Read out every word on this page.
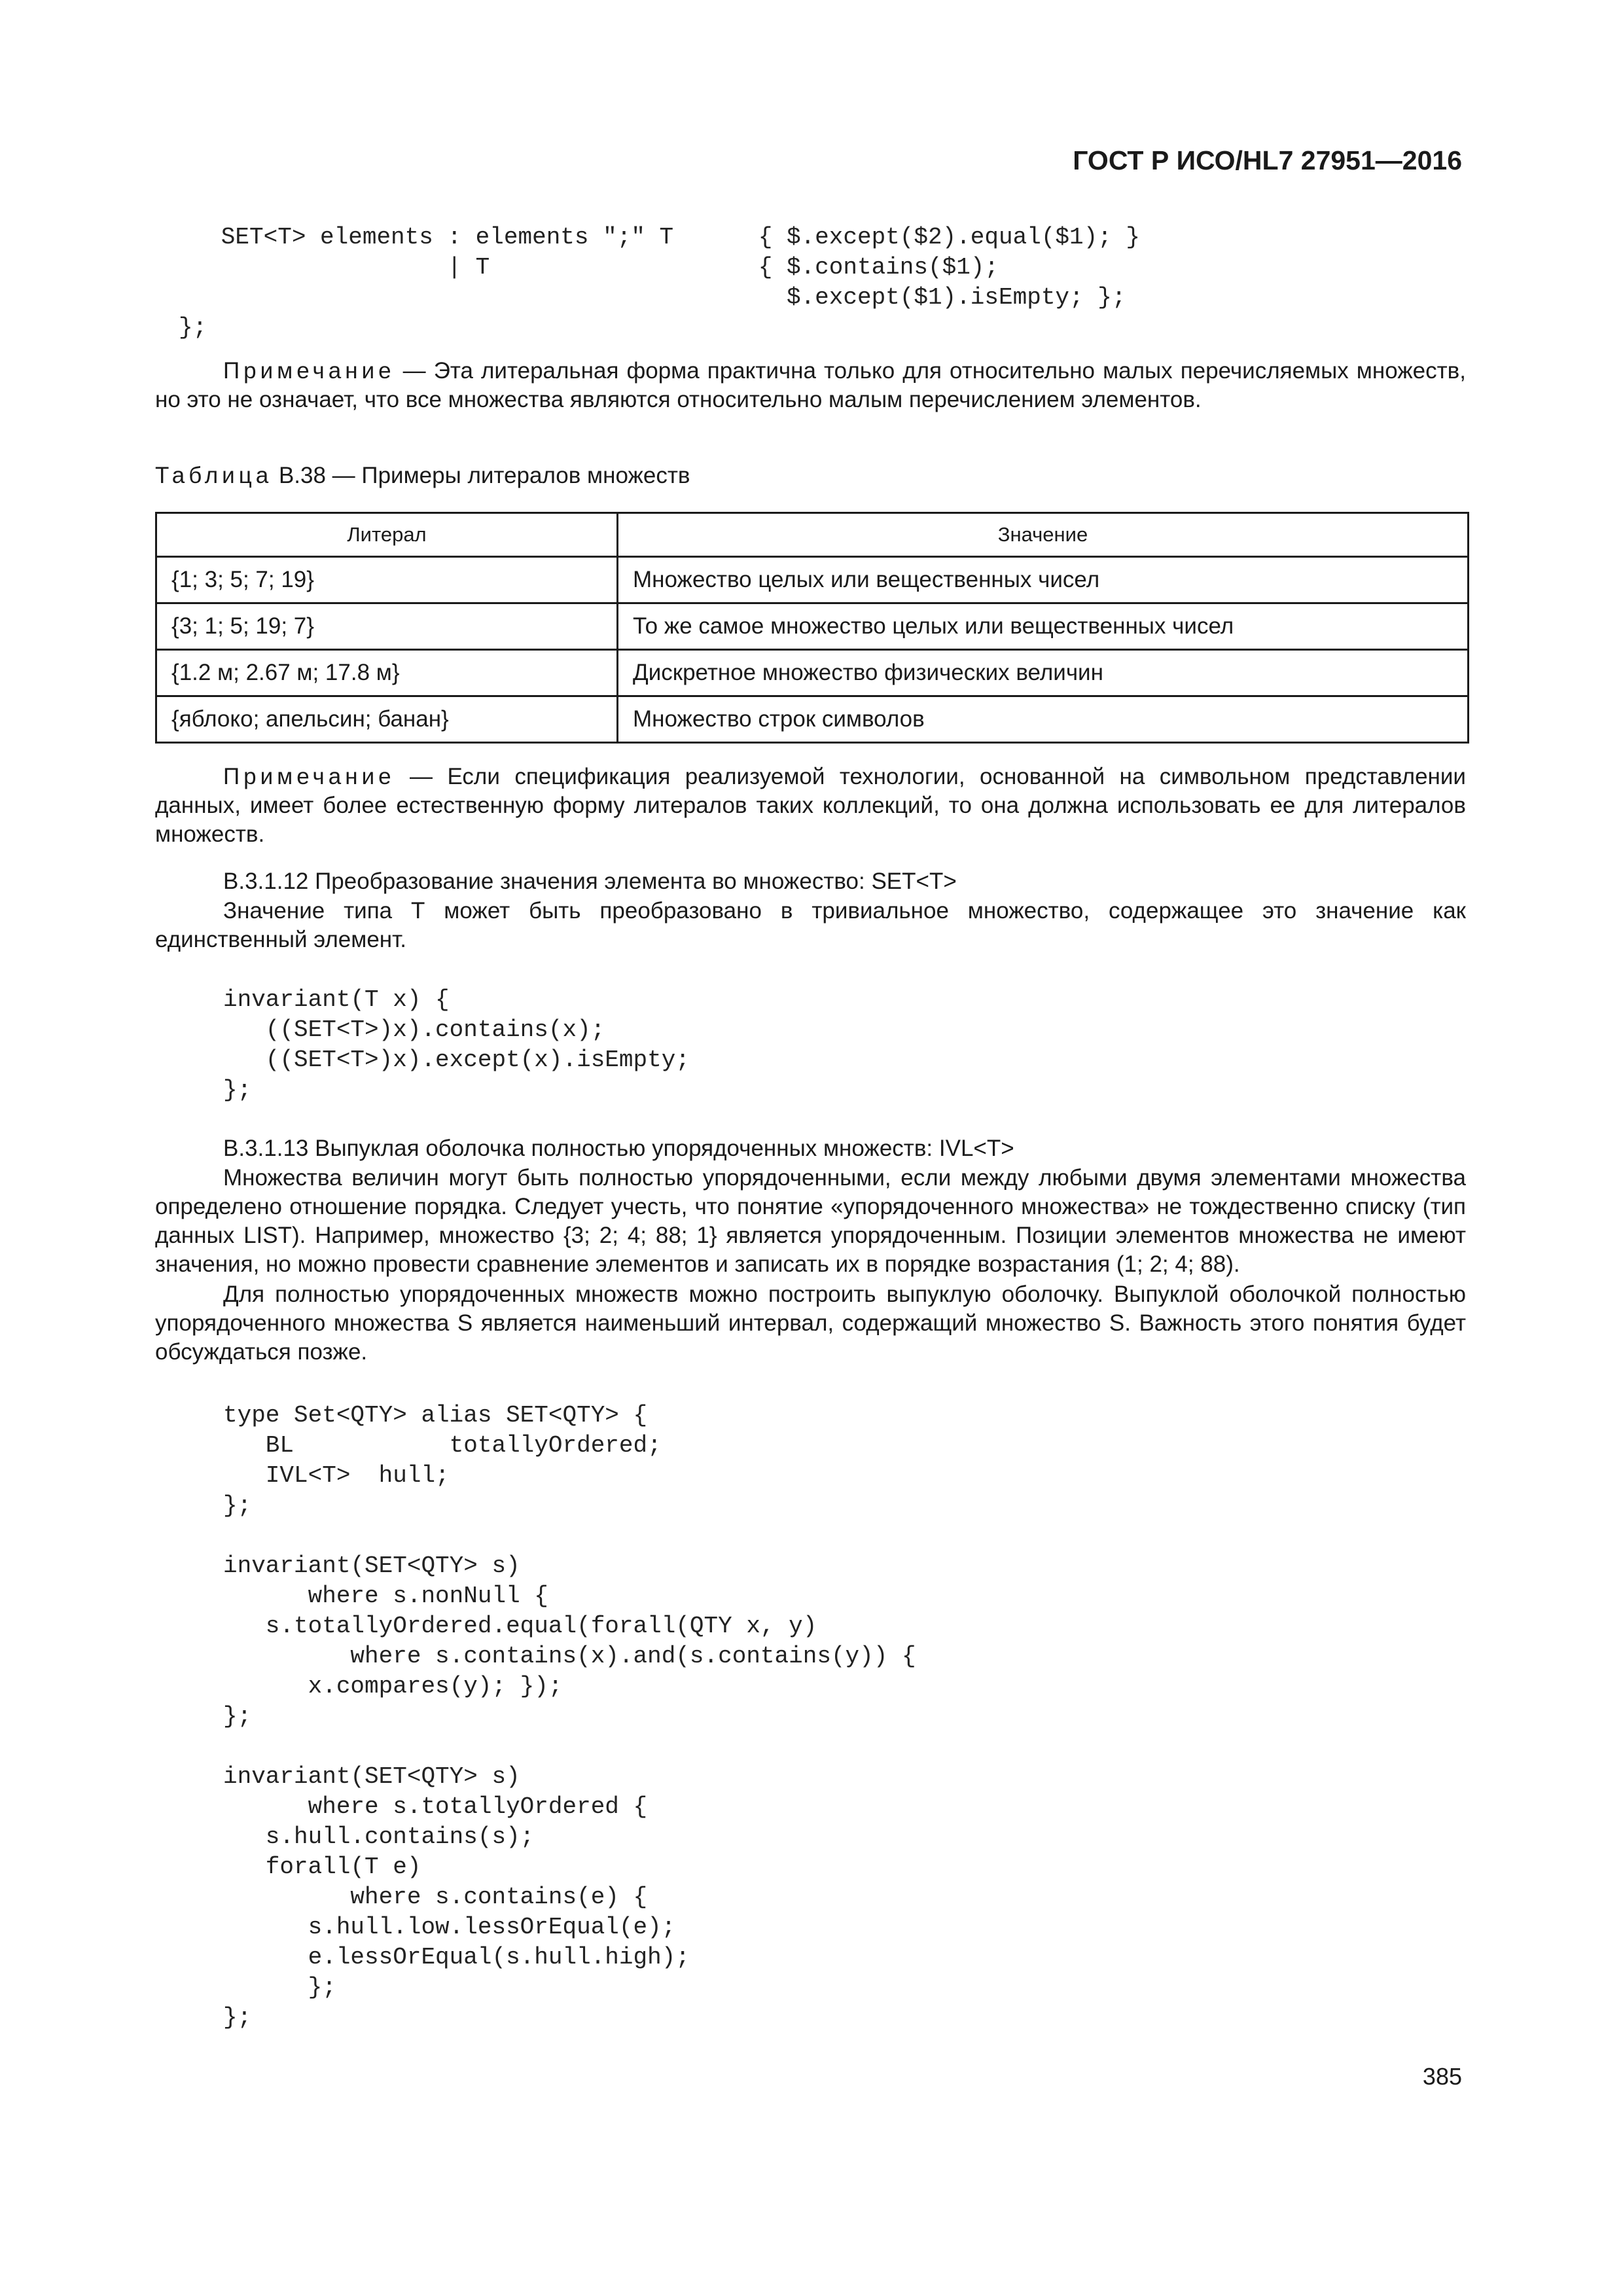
ГОСТ Р ИСО/HL7 27951—2016
SET<T> elements : elements ";" T      { $.except($2).equal($1); }
| T                   { $.contains($1);
$.except($1).isEmpty; };
};

Примечание — Эта литеральная форма практична только для относительно малых перечисляемых множеств, но это не означает, что все множества являются относительно малым перечислением элементов.

Таблица B.38 — Примеры литералов множеств
Литерал	Значение
{1; 3; 5; 7; 19}	Множество целых или вещественных чисел
{3; 1; 5; 19; 7}	То же самое множество целых или вещественных чисел
{1.2 м; 2.67 м; 17.8 м}	Дискретное множество физических величин
{яблоко; апельсин; банан}	Множество строк символов

Примечание — Если спецификация реализуемой технологии, основанной на символьном представлении данных, имеет более естественную форму литералов таких коллекций, то она должна использовать ее для литералов множеств.

В.3.1.12 Преобразование значения элемента во множество: SET<T>

Значение типа Т может быть преобразовано в тривиальное множество, содержащее это значение как единственный элемент.

invariant(T x) {
((SET<T>)x).contains(x);
((SET<T>)x).except(x).isEmpty;
};

В.3.1.13 Выпуклая оболочка полностью упорядоченных множеств: IVL<T>

Множества величин могут быть полностью упорядоченными, если между любыми двумя элементами множества определено отношение порядка. Следует учесть, что понятие «упорядоченного множества» не тождественно списку (тип данных LIST). Например, множество {3; 2; 4; 88; 1} является упорядоченным. Позиции элементов множества не имеют значения, но можно провести сравнение элементов и записать их в порядке возрастания (1; 2; 4; 88).

Для полностью упорядоченных множеств можно построить выпуклую оболочку. Выпуклой оболочкой полностью упорядоченного множества S является наименьший интервал, содержащий множество S. Важность этого понятия будет обсуждаться позже.

type Set<QTY> alias SET<QTY> {
BL           totallyOrdered;
IVL<T>  hull;
};

invariant(SET<QTY> s)
where s.nonNull {
s.totallyOrdered.equal(forall(QTY x, y)
where s.contains(x).and(s.contains(y)) {
x.compares(y); });
};

invariant(SET<QTY> s)
where s.totallyOrdered {
s.hull.contains(s);
forall(T e)
where s.contains(e) {
s.hull.low.lessOrEqual(e);
e.lessOrEqual(s.hull.high);
};
};
385
